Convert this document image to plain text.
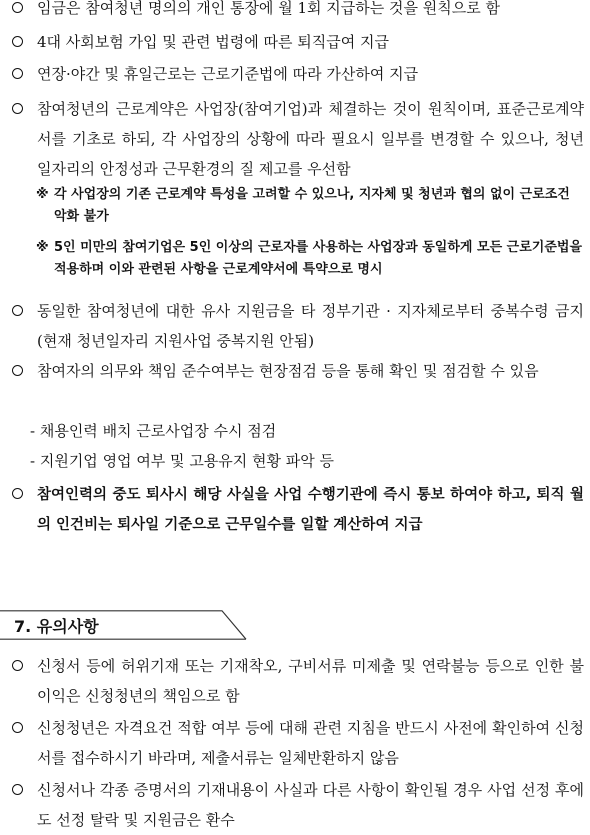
임금은 참여청년 명의의 개인 통장에 월 1회 지급하는 것을 원칙으로 함
4대 사회보험 가입 및 관련 법령에 따른 퇴직급여 지급
연장·야간 및 휴일근로는 근로기준법에 따라 가산하여 지급
참여청년의 근로계약은 사업장(참여기업)과 체결하는 것이 원칙이며, 표준근로계약서를 기초로 하되, 각 사업장의 상황에 따라 필요시 일부를 변경할 수 있으나, 청년 일자리의 안정성과 근무환경의 질 제고를 우선함
※ 각 사업장의 기존 근로계약 특성을 고려할 수 있으나, 지자체 및 청년과 협의 없이 근로조건 악화 불가
※ 5인 미만의 참여기업은 5인 이상의 근로자를 사용하는 사업장과 동일하게 모든 근로기준법을 적용하며 이와 관련된 사항을 근로계약서에 특약으로 명시
동일한 참여청년에 대한 유사 지원금을 타 정부기관 · 지자체로부터 중복수령 금지(현재 청년일자리 지원사업 중복지원 안됨)
참여자의 의무와 책임 준수여부는 현장점검 등을 통해 확인 및 점검할 수 있음
- 채용인력 배치 근로사업장 수시 점검
- 지원기업 영업 여부 및 고용유지 현황 파악 등
참여인력의 중도 퇴사시 해당 사실을 사업 수행기관에 즉시 통보 하여야 하고, 퇴직 월의 인건비는 퇴사일 기준으로 근무일수를 일할 계산하여 지급
7. 유의사항
신청서 등에 허위기재 또는 기재착오, 구비서류 미제출 및 연락불능 등으로 인한 불이익은 신청청년의 책임으로 함
신청청년은 자격요건 적합 여부 등에 대해 관련 지침을 반드시 사전에 확인하여 신청서를 접수하시기 바라며, 제출서류는 일체반환하지 않음
신청서나 각종 증명서의 기재내용이 사실과 다른 사항이 확인될 경우 사업 선정 후에도 선정 탈락 및 지원금은 환수
